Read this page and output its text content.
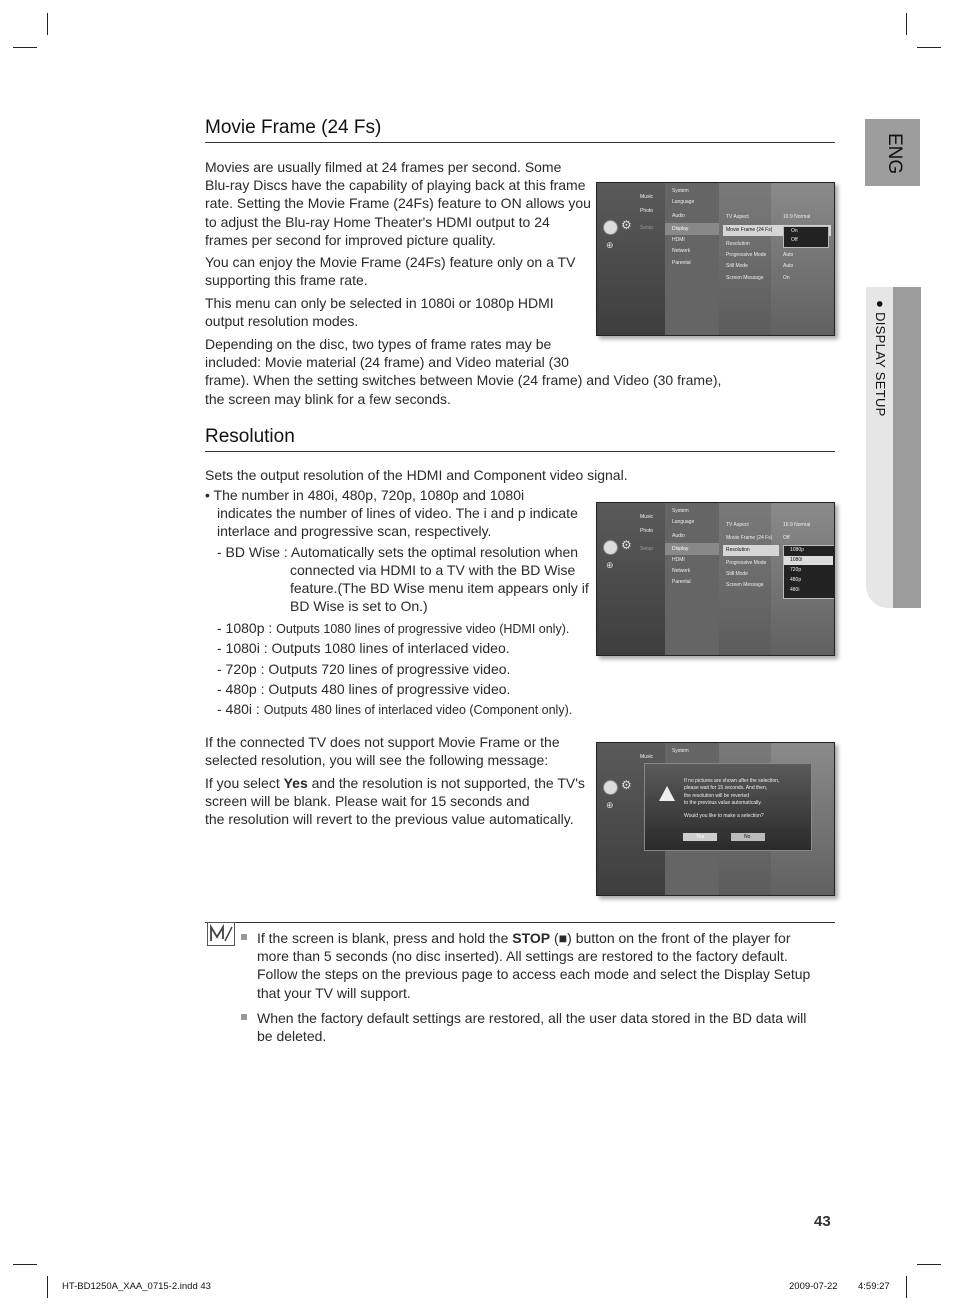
ENG
● DISPLAY SETUP
Movie Frame (24 Fs)
Movies are usually filmed at 24 frames per second. Some
Blu-ray Discs have the capability of playing back at this frame
rate. Setting the Movie Frame (24Fs) feature to ON allows you
to adjust the Blu-ray Home Theater's HDMI output to 24
frames per second for improved picture quality.
You can enjoy the Movie Frame (24Fs) feature only on a TV
supporting this frame rate.
This menu can only be selected in 1080i or 1080p HDMI
output resolution modes.
Depending on the disc, two types of frame rates may be
included: Movie material (24 frame) and Video material (30
frame). When the setting switches between Movie (24 frame) and Video (30 frame),
the screen may blink for a few seconds.
Music
Photo
Setup
⚙
⊕
System
Language
Audio
Display
HDMI
Network
Parental
TV Aspect	16:9 Normal
Movie Frame (24 Fs)
Resolution
Progressive Mode	Auto
Still Mode	Auto
Screen Message	On
On
Off
Resolution
Sets the output resolution of the HDMI and Component video signal.
• The number in 480i, 480p, 720p, 1080p and 1080i
indicates the number of lines of video. The i and p indicate
interlace and progressive scan, respectively.
- BD Wise : Automatically sets the optimal resolution when
connected via HDMI to a TV with the BD Wise
feature.(The BD Wise menu item appears only if
BD Wise is set to On.)
- 1080p : Outputs 1080 lines of progressive video (HDMI only).
- 1080i : Outputs 1080 lines of interlaced video.
- 720p : Outputs 720 lines of progressive video.
- 480p : Outputs 480 lines of progressive video.
- 480i : Outputs 480 lines of interlaced video (Component only).
Music
Photo
Setup
⚙
⊕
System
Language
Audio
Display
HDMI
Network
Parental
TV Aspect	16:9 Normal
Movie Frame (24 Fs) Off
Resolution
Progressive Mode
Still Mode
Screen Message
1080p
1080i
720p
480p
480i
If the connected TV does not support Movie Frame or the
selected resolution, you will see the following message:
If you select Yes and the resolution is not supported, the TV's
screen will be blank. Please wait for 15 seconds and
the resolution will revert to the previous value automatically.
Music
⚙
⊕
System
If no pictures are shown after the selection,
please wait for 15 seconds. And then,
the resolution will be reverted
to the previous value automatically.
Would you like to make a selection?
Yes	No
If the screen is blank, press and hold the STOP (■) button on the front of the player for
more than 5 seconds (no disc inserted). All settings are restored to the factory default.
Follow the steps on the previous page to access each mode and select the Display Setup
that your TV will support.
When the factory default settings are restored, all the user data stored in the BD data will
be deleted.
43
HT-BD1250A_XAA_0715-2.indd 43	2009-07-22 4:59:27
